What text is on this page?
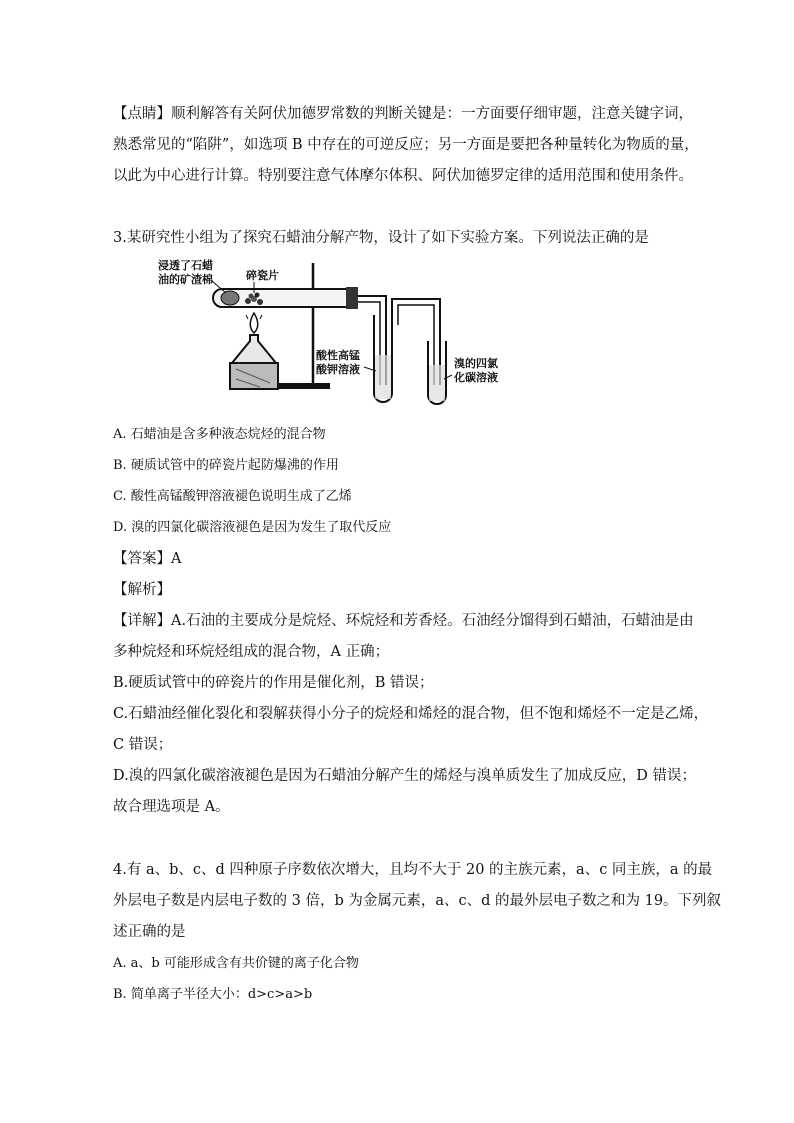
【点睛】顺利解答有关阿伏加德罗常数的判断关键是：一方面要仔细审题，注意关键字词，
熟悉常见的“陷阱”，如选项 B 中存在的可逆反应；另一方面是要把各种量转化为物质的量，
以此为中心进行计算。特别要注意气体摩尔体积、阿伏加德罗定律的适用范围和使用条件。
3.某研究性小组为了探究石蜡油分解产物，设计了如下实验方案。下列说法正确的是
浸透了石蜡
油的矿渣棉	碎瓷片
酸性高锰
酸钾溶液	溴的四氯
化碳溶液
A. 石蜡油是含多种液态烷烃的混合物
B. 硬质试管中的碎瓷片起防爆沸的作用
C. 酸性高锰酸钾溶液褪色说明生成了乙烯
D. 溴的四氯化碳溶液褪色是因为发生了取代反应
【答案】A
【解析】
【详解】A.石油的主要成分是烷烃、环烷烃和芳香烃。石油经分馏得到石蜡油，石蜡油是由
多种烷烃和环烷烃组成的混合物，A 正确；
B.硬质试管中的碎瓷片的作用是催化剂，B 错误；
C.石蜡油经催化裂化和裂解获得小分子的烷烃和烯烃的混合物，但不饱和烯烃不一定是乙烯，
C 错误；
D.溴的四氯化碳溶液褪色是因为石蜡油分解产生的烯烃与溴单质发生了加成反应，D 错误；
故合理选项是 A。
4.有 a、b、c、d 四种原子序数依次增大，且均不大于 20 的主族元素，a、c 同主族，a 的最
外层电子数是内层电子数的 3 倍，b 为金属元素，a、c、d 的最外层电子数之和为 19。下列叙
述正确的是
A. a、b 可能形成含有共价键的离子化合物
B. 简单离子半径大小：d>c>a>b
